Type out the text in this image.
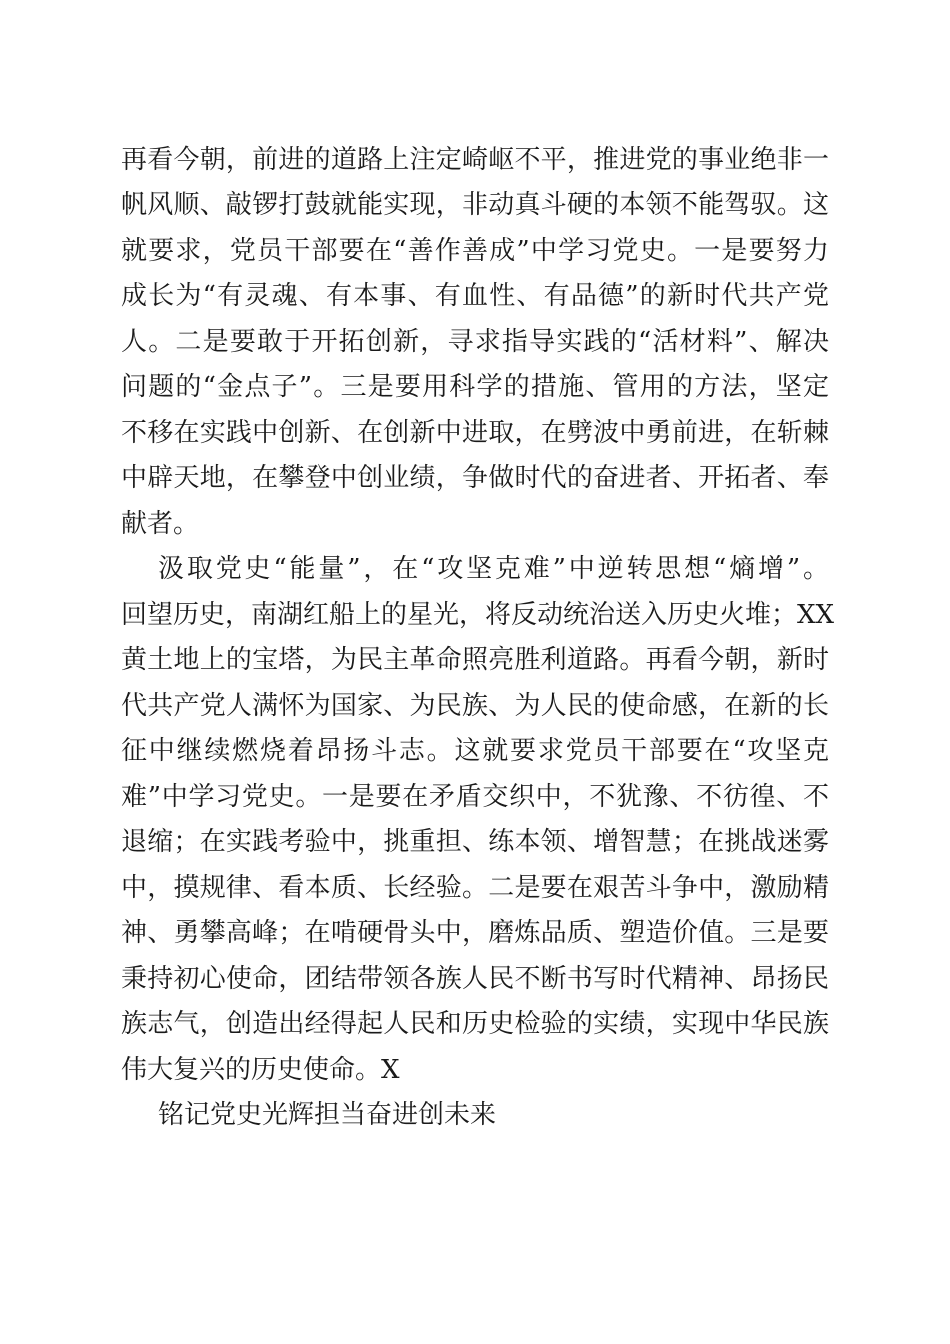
再看今朝，前进的道路上注定崎岖不平，推进党的事业绝非一
帆风顺、敲锣打鼓就能实现，非动真斗硬的本领不能驾驭。这
就要求，党员干部要在“善作善成”中学习党史。一是要努力
成长为“有灵魂、有本事、有血性、有品德”的新时代共产党
人。二是要敢于开拓创新，寻求指导实践的“活材料”、解决
问题的“金点子”。三是要用科学的措施、管用的方法，坚定
不移在实践中创新、在创新中进取，在劈波中勇前进，在斩棘
中辟天地，在攀登中创业绩，争做时代的奋进者、开拓者、奉
献者。
汲取党史“能量”，在“攻坚克难”中逆转思想“熵增”。
回望历史，南湖红船上的星光，将反动统治送入历史火堆；XX
黄土地上的宝塔，为民主革命照亮胜利道路。再看今朝，新时
代共产党人满怀为国家、为民族、为人民的使命感，在新的长
征中继续燃烧着昂扬斗志。这就要求党员干部要在“攻坚克
难”中学习党史。一是要在矛盾交织中，不犹豫、不彷徨、不
退缩；在实践考验中，挑重担、练本领、增智慧；在挑战迷雾
中，摸规律、看本质、长经验。二是要在艰苦斗争中，激励精
神、勇攀高峰；在啃硬骨头中，磨炼品质、塑造价值。三是要
秉持初心使命，团结带领各族人民不断书写时代精神、昂扬民
族志气，创造出经得起人民和历史检验的实绩，实现中华民族
伟大复兴的历史使命。X
铭记党史光辉担当奋进创未来
